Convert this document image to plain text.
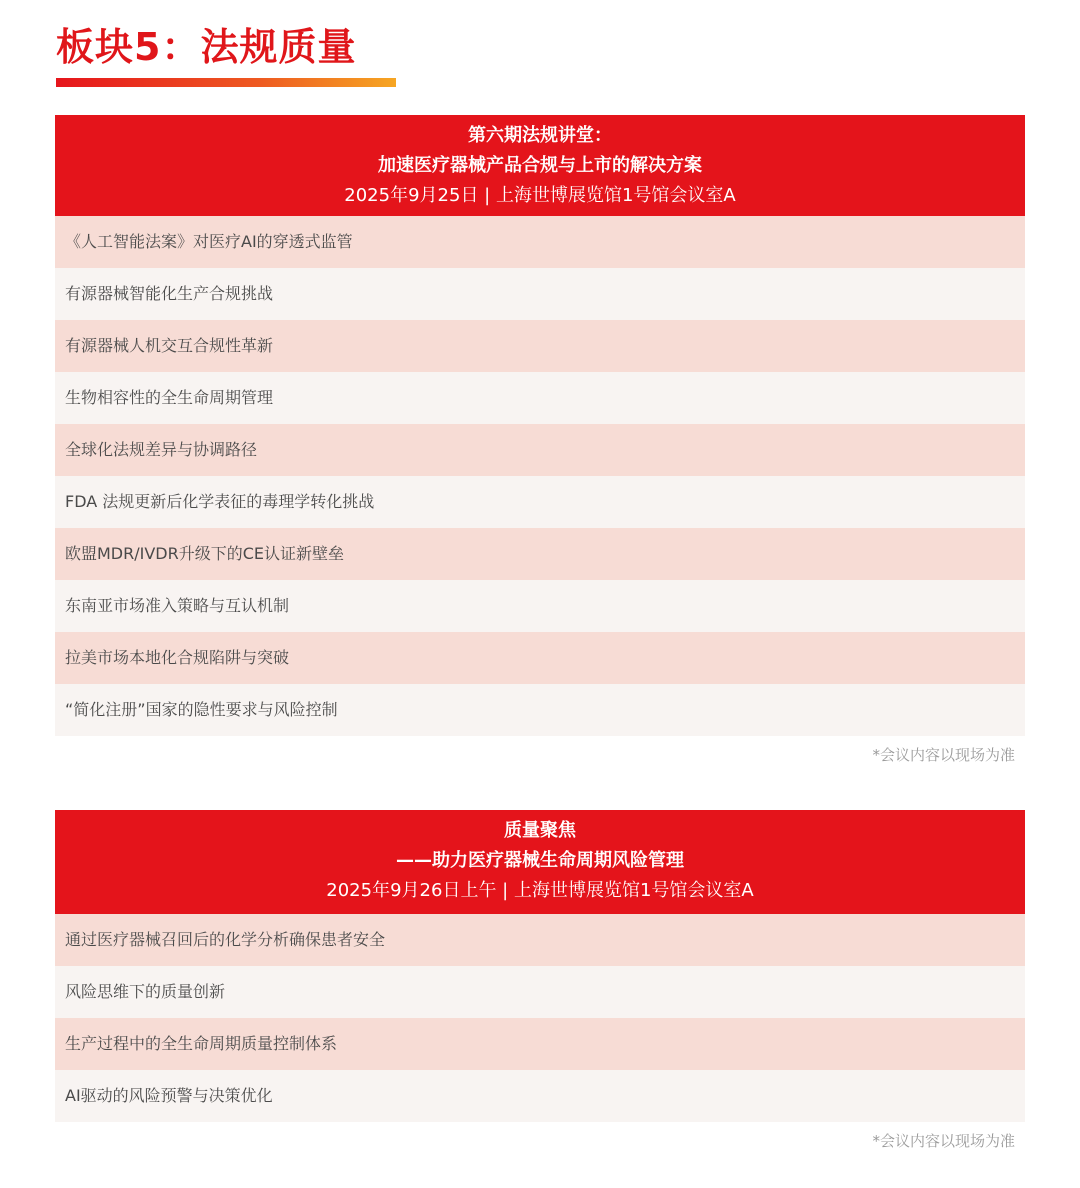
板块5：法规质量
第六期法规讲堂：
加速医疗器械产品合规与上市的解决方案
2025年9月25日 | 上海世博展览馆1号馆会议室A
《人工智能法案》对医疗AI的穿透式监管
有源器械智能化生产合规挑战
有源器械人机交互合规性革新
生物相容性的全生命周期管理
全球化法规差异与协调路径
FDA 法规更新后化学表征的毒理学转化挑战
欧盟MDR/IVDR升级下的CE认证新壁垒
东南亚市场准入策略与互认机制
拉美市场本地化合规陷阱与突破
“简化注册”国家的隐性要求与风险控制
*会议内容以现场为准
质量聚焦
——助力医疗器械生命周期风险管理
2025年9月26日上午 | 上海世博展览馆1号馆会议室A
通过医疗器械召回后的化学分析确保患者安全
风险思维下的质量创新
生产过程中的全生命周期质量控制体系
AI驱动的风险预警与决策优化
*会议内容以现场为准
